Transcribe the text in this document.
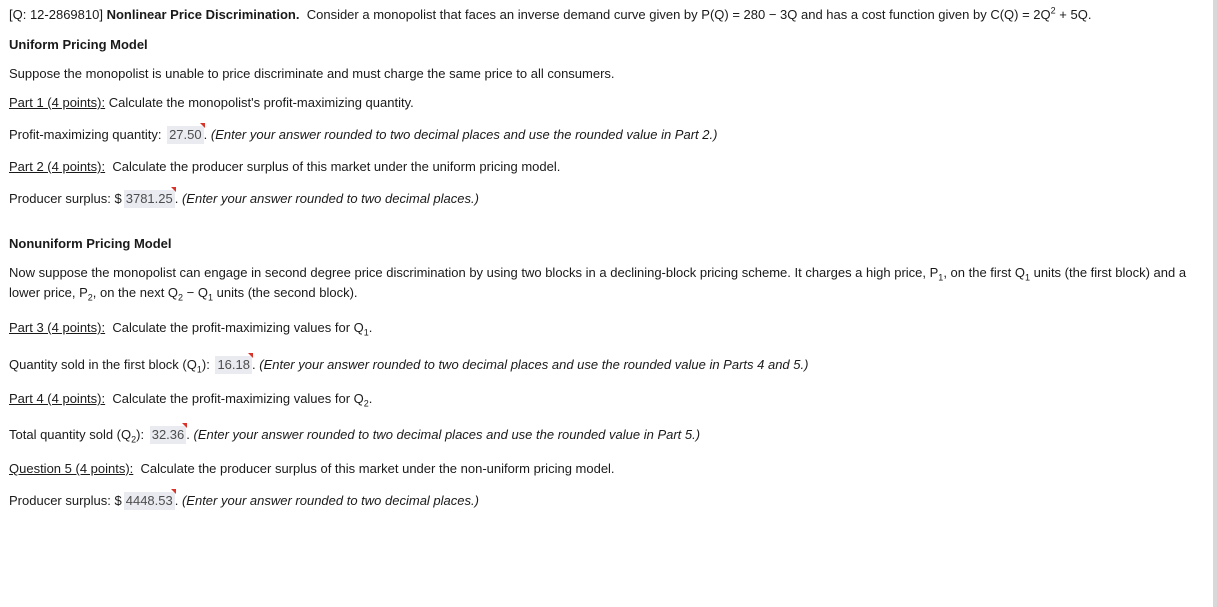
[Q: 12-2869810] Nonlinear Price Discrimination. Consider a monopolist that faces an inverse demand curve given by P(Q) = 280 − 3Q and has a cost function given by $C(Q) = 2Q^2 + 5Q$.
Uniform Pricing Model
Suppose the monopolist is unable to price discriminate and must charge the same price to all consumers.
Part 1 (4 points): Calculate the monopolist's profit-maximizing quantity.
Profit-maximizing quantity: 27.50 . (Enter your answer rounded to two decimal places and use the rounded value in Part 2.)
Part 2 (4 points): Calculate the producer surplus of this market under the uniform pricing model.
Producer surplus: $ 3781.25 . (Enter your answer rounded to two decimal places.)
Nonuniform Pricing Model
Now suppose the monopolist can engage in second degree price discrimination by using two blocks in a declining-block pricing scheme. It charges a high price, $P_1$, on the first $Q_1$ units (the first block) and a lower price, $P_2$, on the next $Q_2 - Q_1$ units (the second block).
Part 3 (4 points): Calculate the profit-maximizing values for $Q_1$.
Quantity sold in the first block $(Q_1)$: 16.18 . (Enter your answer rounded to two decimal places and use the rounded value in Parts 4 and 5.)
Part 4 (4 points): Calculate the profit-maximizing values for $Q_2$.
Total quantity sold $(Q_2)$: 32.36 . (Enter your answer rounded to two decimal places and use the rounded value in Part 5.)
Question 5 (4 points): Calculate the producer surplus of this market under the non-uniform pricing model.
Producer surplus: $ 4448.53 . (Enter your answer rounded to two decimal places.)
